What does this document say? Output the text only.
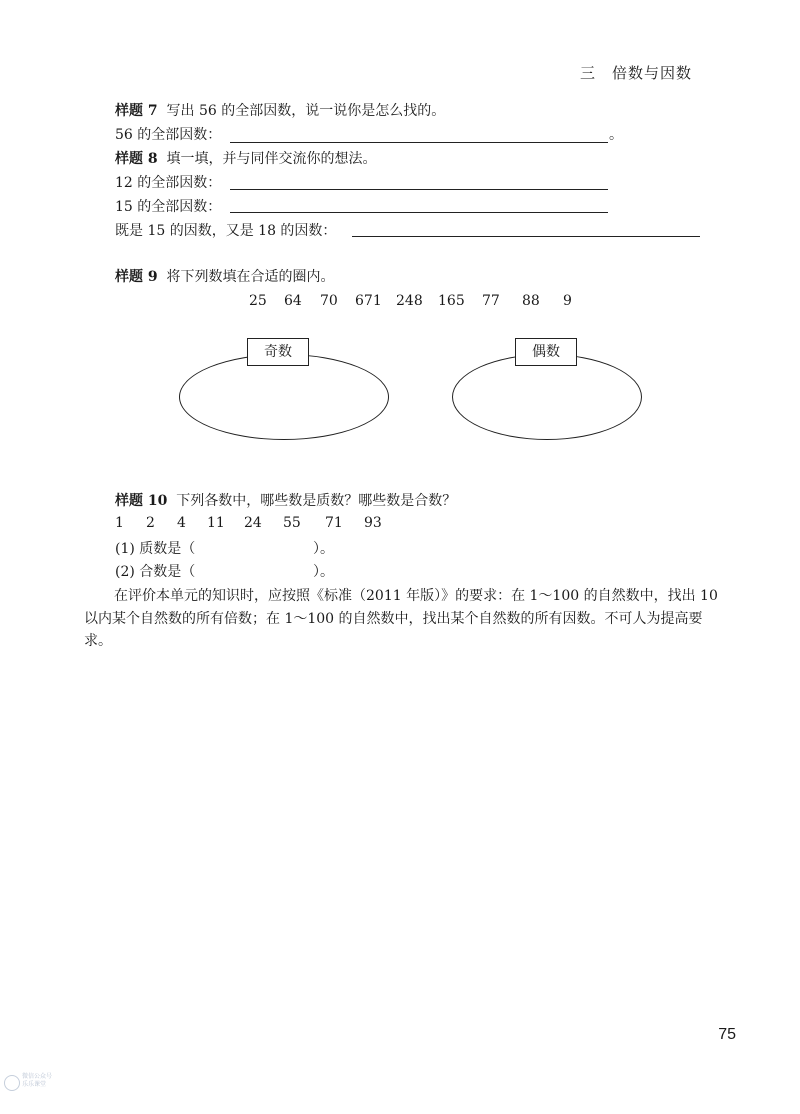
三 倍数与因数
样题 7 写出 56 的全部因数，说一说你是怎么找的。
56 的全部因数：	。
样题 8 填一填，并与同伴交流你的想法。
12 的全部因数：
15 的全部因数：
既是 15 的因数，又是 18 的因数：
样题 9 将下列数填在合适的圈内。
25 64 70 671 248 165 77 88 9
奇数	偶数
样题 10 下列各数中，哪些数是质数？哪些数是合数？
1 2 4 11 24 55 71 93
(1) 质数是（	）。
(2) 合数是（	）。
在评价本单元的知识时，应按照《标准（2011 年版）》的要求：在 1～100 的自然数中，找出 10 以内某个自然数的所有倍数；在 1～100 的自然数中，找出某个自然数的所有因数。不可人为提高要求。
75
微信公众号
乐乐课堂
